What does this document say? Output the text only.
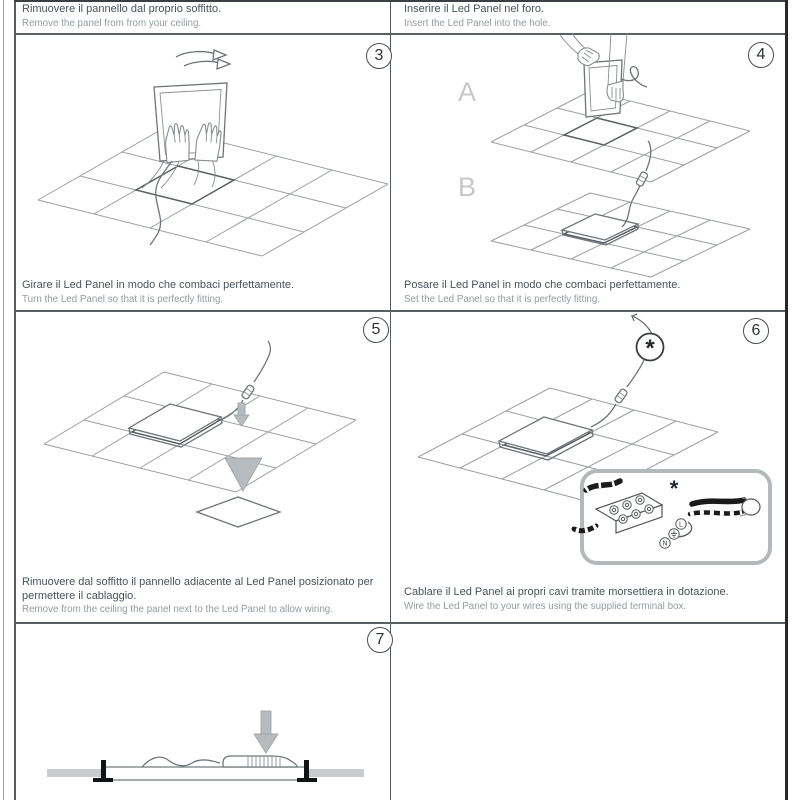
Rimuovere il pannello dal proprio soffitto.

Remove the panel from from your ceiling.

Inserire il Led Panel nel foro.

Insert the Led Panel into the hole.

Girare il Led Panel in modo che combaci perfettamente.

Turn the Led Panel so that it is perfectly fitting.

Posare il Led Panel in modo che combaci perfettamente.

Set the Led Panel so that it is perfectly fitting.

Rimuovere dal soffitto il pannello adiacente al Led Panel posizionato per

permettere il cablaggio.

Remove from the ceiling the panel next to the Led Panel to allow wiring.

Cablare il Led Panel ai propri cavi tramite morsettiera in dotazione.

Wire the Led Panel to your wires using the supplied terminal box.

3	4
5	6
7
A
B
*
*
L
N
